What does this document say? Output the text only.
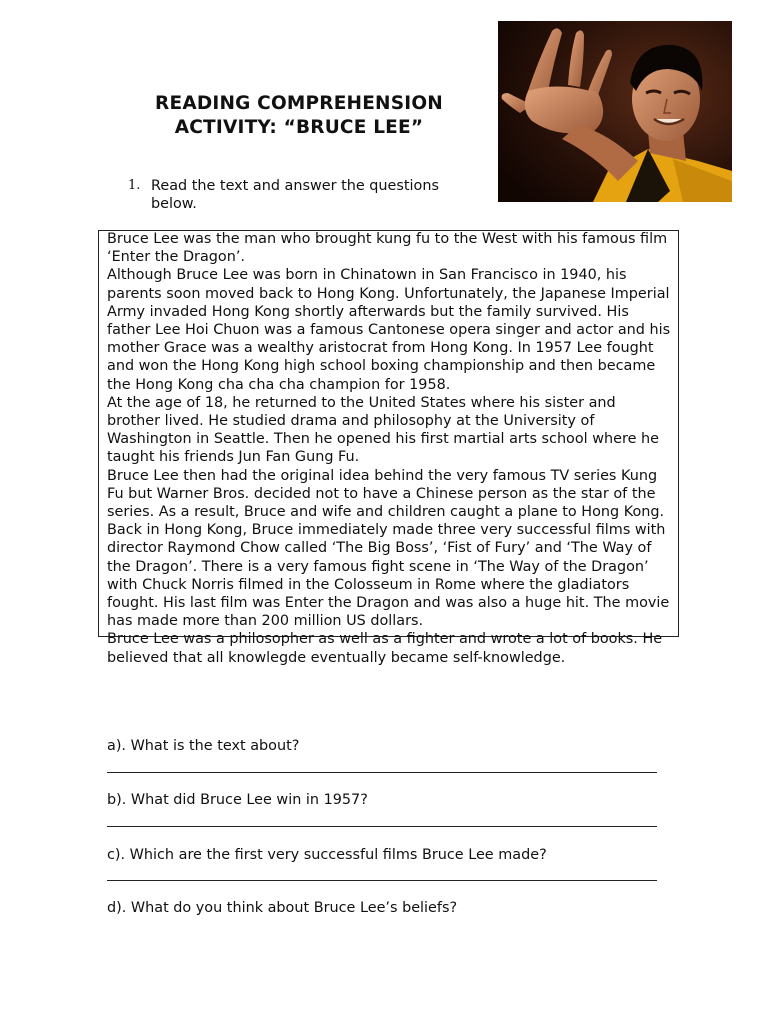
READING COMPREHENSION
ACTIVITY: “BRUCE LEE”
1. Read the text and answer the questions below.

Bruce Lee was the man who brought kung fu to the West with his famous film ‘Enter the Dragon’.

Although Bruce Lee was born in Chinatown in San Francisco in 1940, his parents soon moved back to Hong Kong. Unfortunately, the Japanese Imperial Army invaded Hong Kong shortly afterwards but the family survived. His father Lee Hoi Chuon was a famous Cantonese opera singer and actor and his mother Grace was a wealthy aristocrat from Hong Kong. In 1957 Lee fought and won the Hong Kong high school boxing championship and then became the Hong Kong cha cha cha champion for 1958.

At the age of 18, he returned to the United States where his sister and brother lived. He studied drama and philosophy at the University of Washington in Seattle. Then he opened his first martial arts school where he taught his friends Jun Fan Gung Fu.

Bruce Lee then had the original idea behind the very famous TV series Kung Fu but Warner Bros. decided not to have a Chinese person as the star of the series. As a result, Bruce and wife and children caught a plane to Hong Kong.

Back in Hong Kong, Bruce immediately made three very successful films with director Raymond Chow called ‘The Big Boss’, ‘Fist of Fury’ and ‘The Way of the Dragon’. There is a very famous fight scene in ‘The Way of the Dragon’ with Chuck Norris filmed in the Colosseum in Rome where the gladiators fought. His last film was Enter the Dragon and was also a huge hit. The movie has made more than 200 million US dollars.

Bruce Lee was a philosopher as well as a fighter and wrote a lot of books. He believed that all knowlegde eventually became self-knowledge.

a). What is the text about?
b). What did Bruce Lee win in 1957?
c). Which are the first very successful films Bruce Lee made?
d). What do you think about Bruce Lee’s beliefs?
